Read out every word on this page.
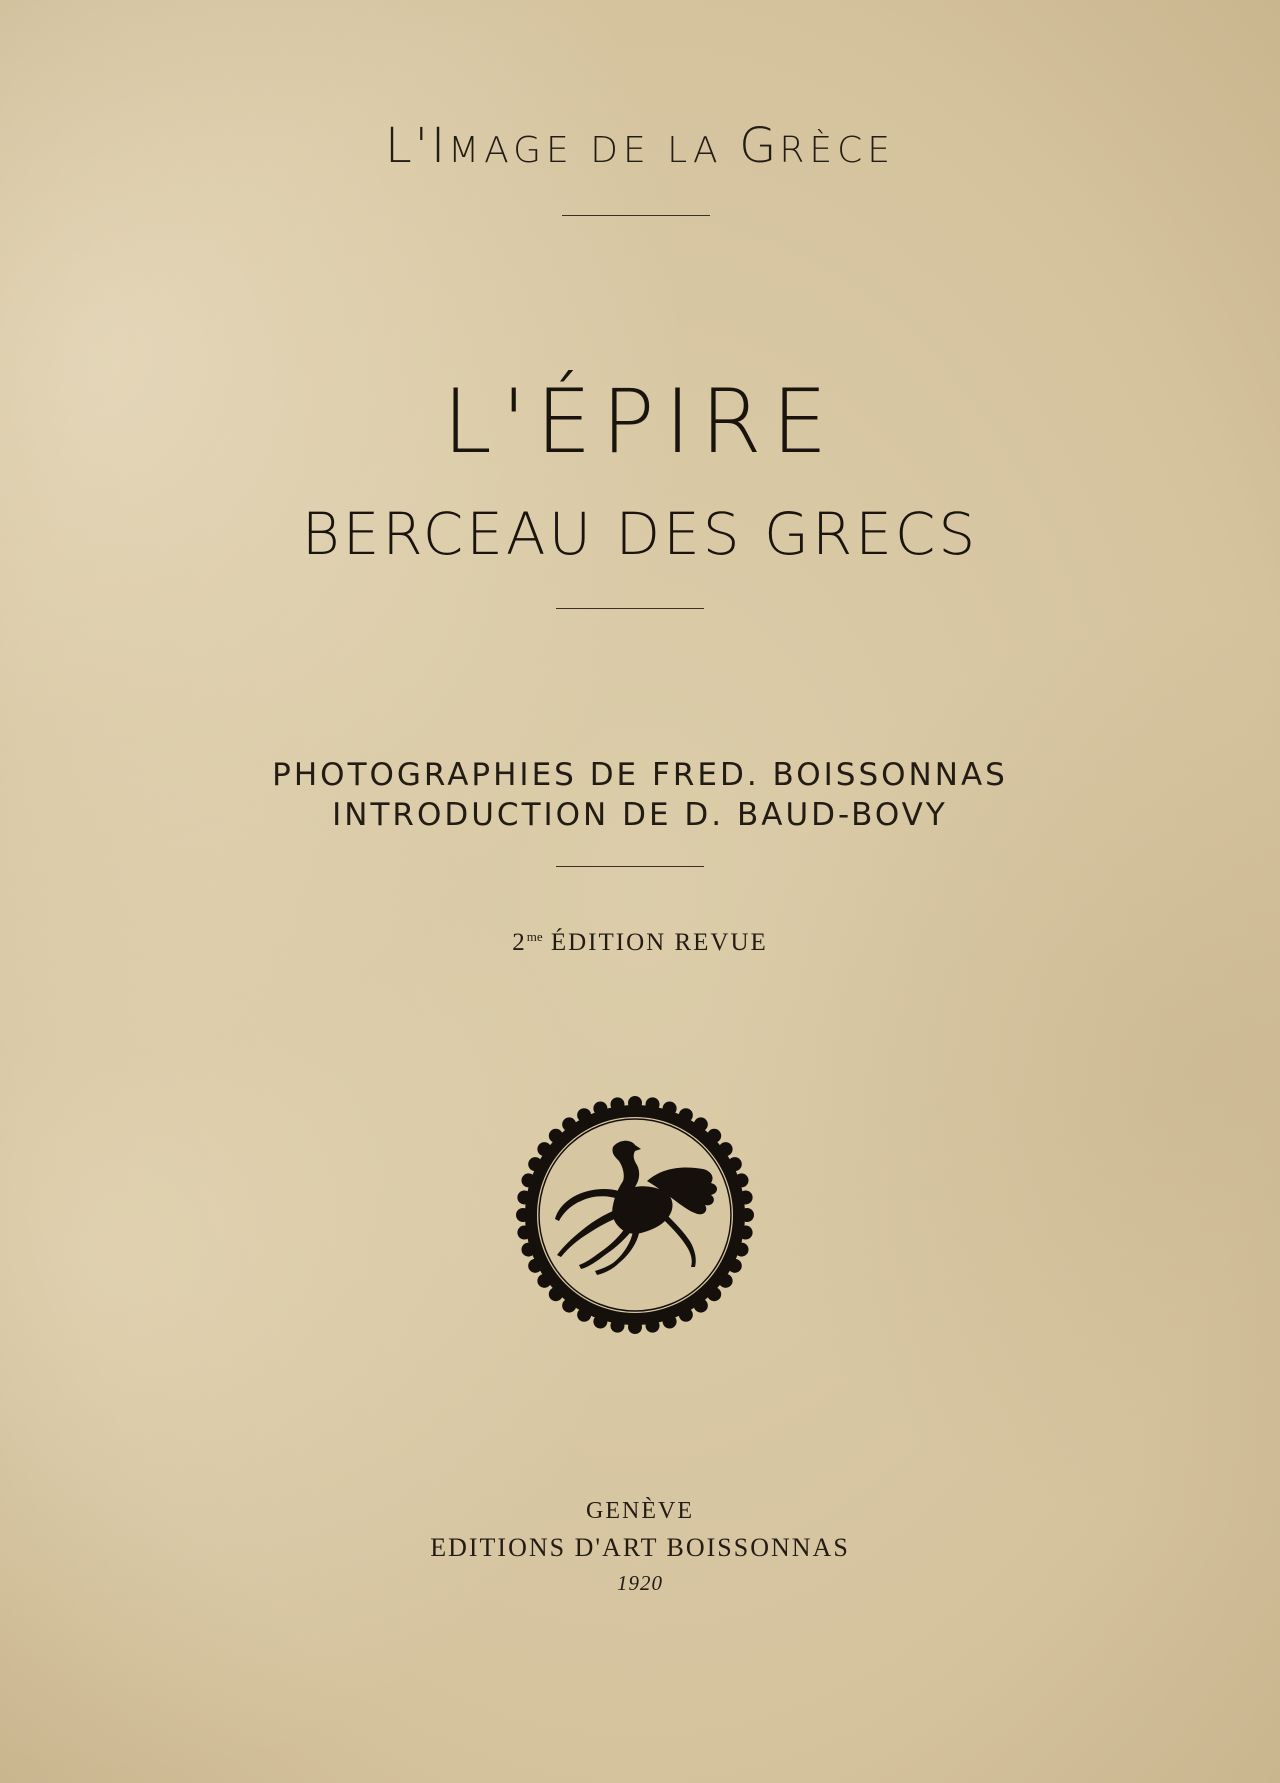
L'IMAGE DE LA GRÈCE
L'ÉPIRE
BERCEAU DES GRECS
PHOTOGRAPHIES DE FRED. BOISSONNAS
INTRODUCTION DE D. BAUD-BOVY
$2^{me}$ ÉDITION REVUE
GENÈVE
EDITIONS D'ART BOISSONNAS
1920
